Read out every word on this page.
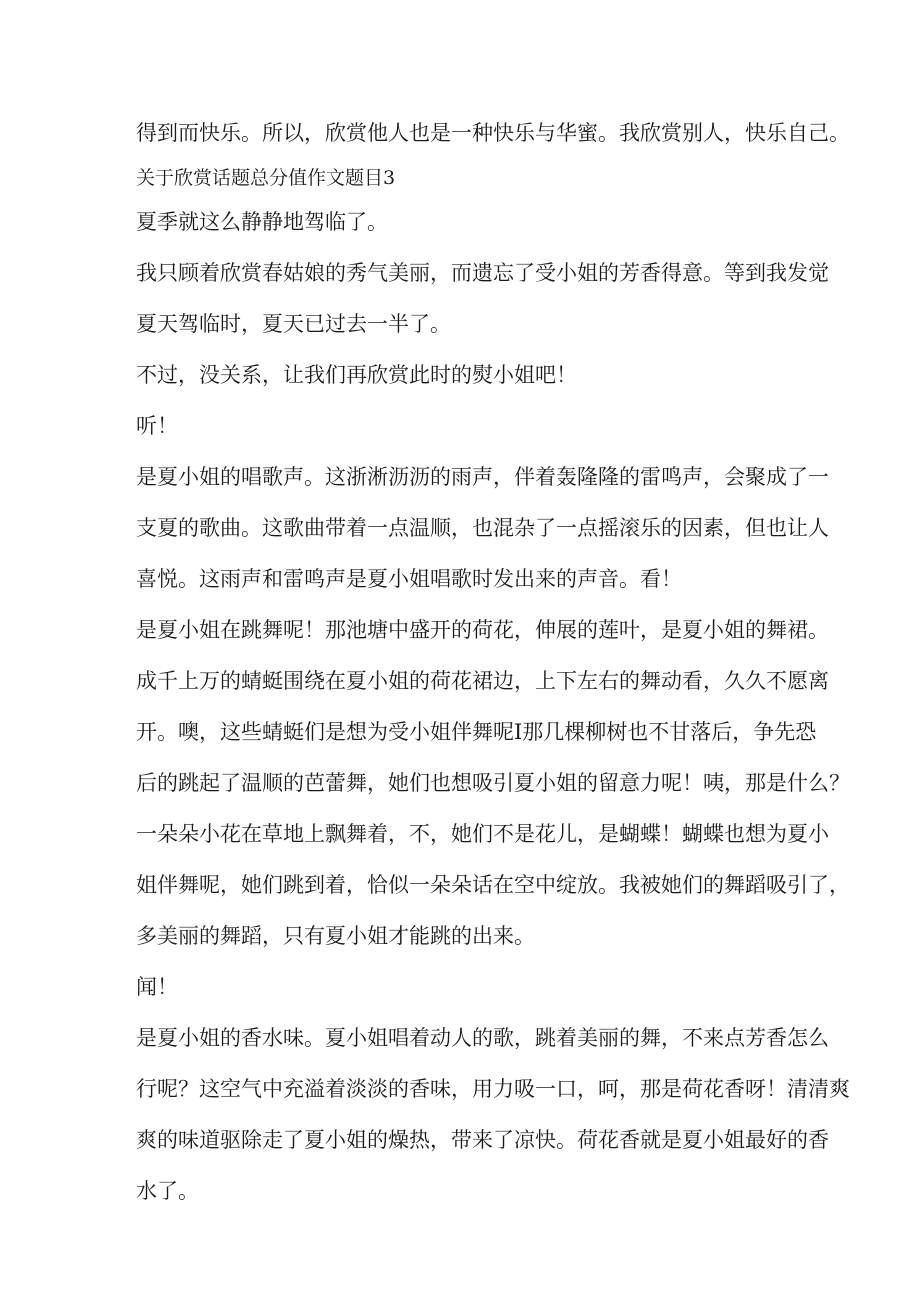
得到而快乐。所以，欣赏他人也是一种快乐与华蜜。我欣赏别人，快乐自己。

关于欣赏话题总分值作文题目3

夏季就这么静静地驾临了。

我只顾着欣赏春姑娘的秀气美丽，而遗忘了受小姐的芳香得意。等到我发觉
夏天驾临时，夏天已过去一半了。

不过，没关系，让我们再欣赏此时的熨小姐吧！

听！

是夏小姐的唱歌声。这浙淅沥沥的雨声，伴着轰隆隆的雷鸣声，会聚成了一
支夏的歌曲。这歌曲带着一点温顺，也混杂了一点摇滚乐的因素，但也让人
喜悦。这雨声和雷鸣声是夏小姐唱歌时发出来的声音。看！

是夏小姐在跳舞呢！那池塘中盛开的荷花，伸展的莲叶，是夏小姐的舞裙。
成千上万的蜻蜓围绕在夏小姐的荷花裙边，上下左右的舞动看，久久不愿离
开。噢，这些蜻蜓们是想为受小姐伴舞呢I那几棵柳树也不甘落后，争先恐
后的跳起了温顺的芭蕾舞，她们也想吸引夏小姐的留意力呢！咦，那是什么？
一朵朵小花在草地上飘舞着，不，她们不是花儿，是蝴蝶！蝴蝶也想为夏小
姐伴舞呢，她们跳到着，恰似一朵朵话在空中绽放。我被她们的舞蹈吸引了，
多美丽的舞蹈，只有夏小姐才能跳的出来。

闻！

是夏小姐的香水味。夏小姐唱着动人的歌，跳着美丽的舞，不来点芳香怎么
行呢？这空气中充溢着淡淡的香味，用力吸一口，呵，那是荷花香呀！清清爽
爽的味道驱除走了夏小姐的燥热，带来了凉快。荷花香就是夏小姐最好的香
水了。
